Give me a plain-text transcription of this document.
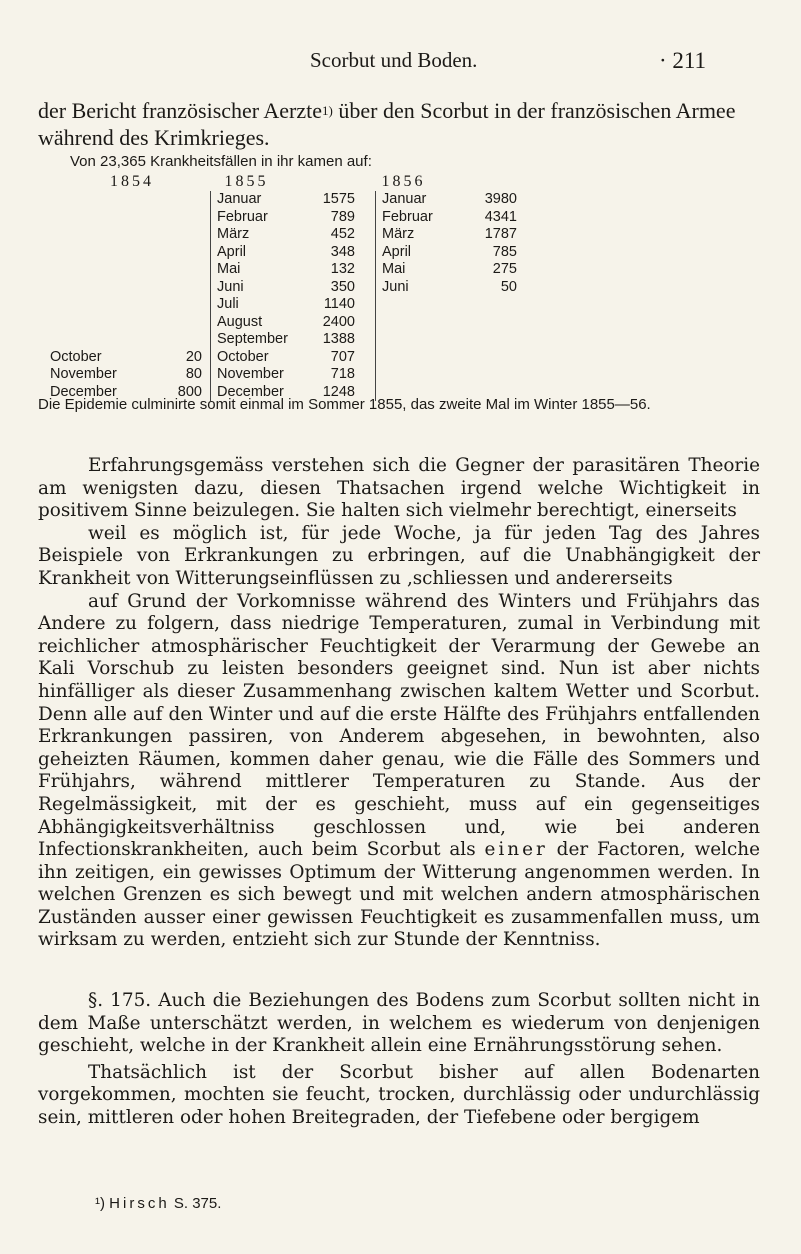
Scorbut und Boden.	· 211

der Bericht französischer Aerzte$^{1)}$ über den Scorbut in der französischen Armee während des Krimkrieges.

Von 23,365 Krankheitsfällen in ihr kamen auf:
1854		1855		1856	
		Januar	1575	Januar	3980
		Februar	789	Februar	4341
		März	452	März	1787
		April	348	April	785
		Mai	132	Mai	275
		Juni	350	Juni	50
		Juli	1140		
		August	2400		
		September	1388		
October	20	October	707		
November	80	November	718		
December	800	December	1248		

Die Epidemie culminirte somit einmal im Sommer 1855, das zweite Mal im Winter 1855—56.

Erfahrungsgemäss verstehen sich die Gegner der parasitären Theorie am wenigsten dazu, diesen Thatsachen irgend welche Wichtigkeit in positivem Sinne beizulegen. Sie halten sich vielmehr berechtigt, einerseits

weil es möglich ist, für jede Woche, ja für jeden Tag des Jahres Beispiele von Erkrankungen zu erbringen, auf die Unabhängigkeit der Krankheit von Witterungseinflüssen zu ‚schliessen und andererseits

auf Grund der Vorkomnisse während des Winters und Frühjahrs das Andere zu folgern, dass niedrige Temperaturen, zumal in Verbindung mit reichlicher atmosphärischer Feuchtigkeit der Verarmung der Gewebe an Kali Vorschub zu leisten besonders geeignet sind. Nun ist aber nichts hinfälliger als dieser Zusammenhang zwischen kaltem Wetter und Scorbut. Denn alle auf den Winter und auf die erste Hälfte des Frühjahrs entfallenden Erkrankungen passiren, von Anderem abgesehen, in bewohnten, also geheizten Räumen, kommen daher genau, wie die Fälle des Sommers und Frühjahrs, während mittlerer Temperaturen zu Stande. Aus der Regelmässigkeit, mit der es geschieht, muss auf ein gegenseitiges Abhängigkeitsverhältniss geschlossen und, wie bei anderen Infectionskrankheiten, auch beim Scorbut als einer der Factoren, welche ihn zeitigen, ein gewisses Optimum der Witterung angenommen werden. In welchen Grenzen es sich bewegt und mit welchen andern atmosphärischen Zuständen ausser einer gewissen Feuchtigkeit es zusammenfallen muss, um wirksam zu werden, entzieht sich zur Stunde der Kenntniss.

§. 175. Auch die Beziehungen des Bodens zum Scorbut sollten nicht in dem Maße unterschätzt werden, in welchem es wiederum von denjenigen geschieht, welche in der Krankheit allein eine Ernährungsstörung sehen.

Thatsächlich ist der Scorbut bisher auf allen Bodenarten vorgekommen, mochten sie feucht, trocken, durchlässig oder undurchlässig sein, mittleren oder hohen Breitegraden, der Tiefebene oder bergigem

¹) Hirsch S. 375.
